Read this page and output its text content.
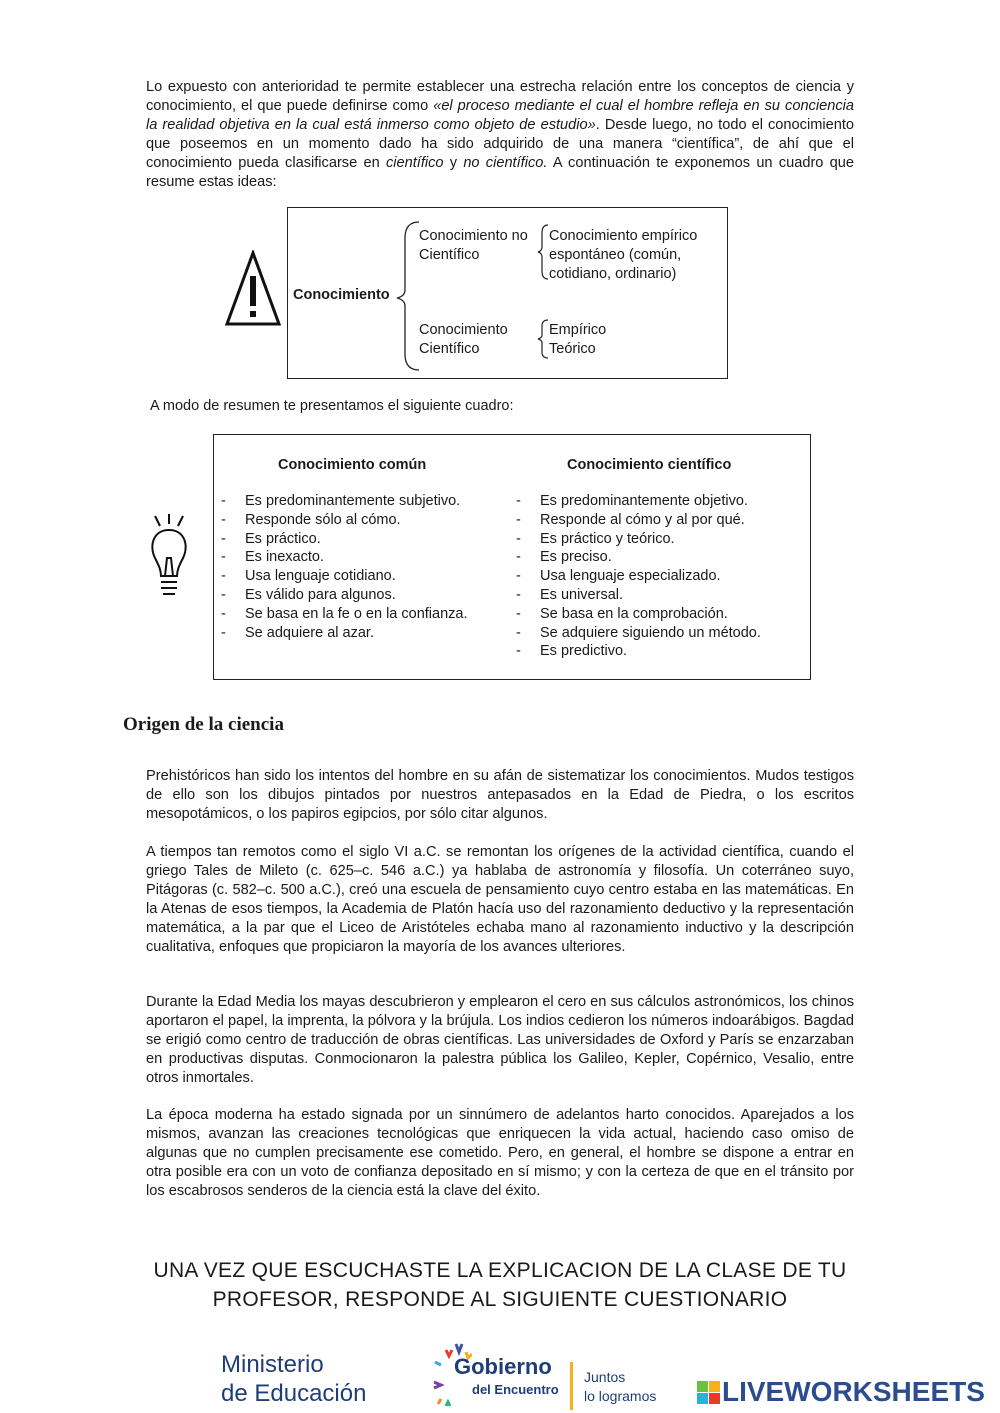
Lo expuesto con anterioridad te permite establecer una estrecha relación entre los conceptos de ciencia y conocimiento, el que puede definirse como «el proceso mediante el cual el hombre refleja en su conciencia la realidad objetiva en la cual está inmerso como objeto de estudio». Desde luego, no todo el conocimiento que poseemos en un momento dado ha sido adquirido de una manera “científica”, de ahí que el conocimiento pueda clasificarse en científico y no científico. A continuación te exponemos un cuadro que resume estas ideas:
Conocimiento
Conocimiento no Científico
Conocimiento empírico espontáneo (común, cotidiano, ordinario)
Conocimiento Científico
Empírico
Teórico
A modo de resumen te presentamos el siguiente cuadro:
Conocimiento común	Conocimiento científico
- Es predominantemente subjetivo.
- Responde sólo al cómo.
- Es práctico.
- Es inexacto.
- Usa lenguaje cotidiano.
- Es válido para algunos.
- Se basa en la fe o en la confianza.
- Se adquiere al azar.
- Es predominantemente objetivo.
- Responde al cómo y al por qué.
- Es práctico y teórico.
- Es preciso.
- Usa lenguaje especializado.
- Es universal.
- Se basa en la comprobación.
- Se adquiere siguiendo un método.
- Es predictivo.
Origen de la ciencia
Prehistóricos han sido los intentos del hombre en su afán de sistematizar los conocimientos. Mudos testigos de ello son los dibujos pintados por nuestros antepasados en la Edad de Piedra, o los escritos mesopotámicos, o los papiros egipcios, por sólo citar algunos.
A tiempos tan remotos como el siglo VI a.C. se remontan los orígenes de la actividad científica, cuando el griego Tales de Mileto (c. 625–c. 546 a.C.) ya hablaba de astronomía y filosofía. Un coterráneo suyo, Pitágoras (c. 582–c. 500 a.C.), creó una escuela de pensamiento cuyo centro estaba en las matemáticas. En la Atenas de esos tiempos, la Academia de Platón hacía uso del razonamiento deductivo y la representación matemática, a la par que el Liceo de Aristóteles echaba mano al razonamiento inductivo y la descripción cualitativa, enfoques que propiciaron la mayoría de los avances ulteriores.
Durante la Edad Media los mayas descubrieron y emplearon el cero en sus cálculos astronómicos, los chinos aportaron el papel, la imprenta, la pólvora y la brújula. Los indios cedieron los números indoarábigos. Bagdad se erigió como centro de traducción de obras científicas. Las universidades de Oxford y París se enzarzaban en productivas disputas. Conmocionaron la palestra pública los Galileo, Kepler, Copérnico, Vesalio, entre otros inmortales.
La época moderna ha estado signada por un sinnúmero de adelantos harto conocidos. Aparejados a los mismos, avanzan las creaciones tecnológicas que enriquecen la vida actual, haciendo caso omiso de algunas que no cumplen precisamente ese cometido. Pero, en general, el hombre se dispone a entrar en otra posible era con un voto de confianza depositado en sí mismo; y con la certeza de que en el tránsito por los escabrosos senderos de la ciencia está la clave del éxito.
UNA VEZ QUE ESCUCHASTE LA EXPLICACION DE LA CLASE DE TU PROFESOR, RESPONDE AL SIGUIENTE CUESTIONARIO
Ministerio
de Educación
Gobierno
del Encuentro
Juntos
lo logramos LIVEWORKSHEETS
